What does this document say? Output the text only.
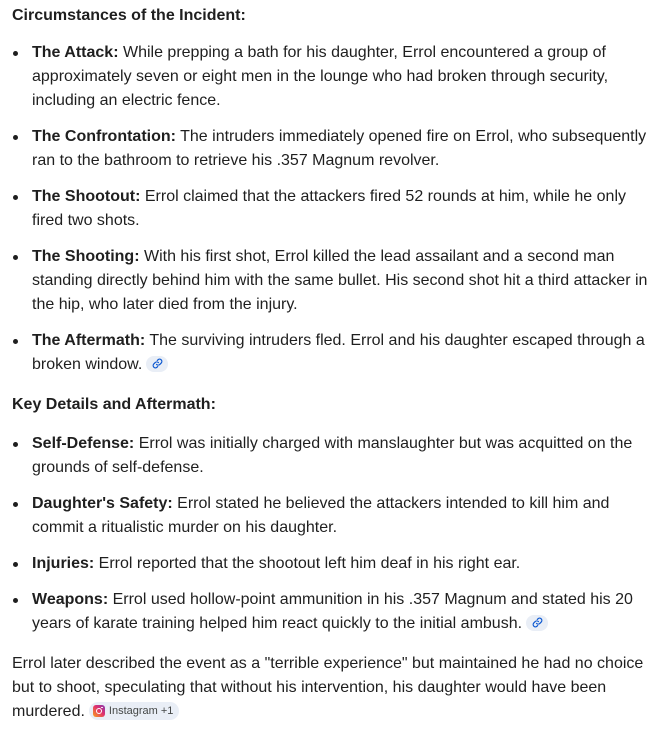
Circumstances of the Incident:

The Attack: While prepping a bath for his daughter, Errol encountered a group of approximately seven or eight men in the lounge who had broken through security, including an electric fence.
The Confrontation: The intruders immediately opened fire on Errol, who subsequently ran to the bathroom to retrieve his .357 Magnum revolver.
The Shootout: Errol claimed that the attackers fired 52 rounds at him, while he only fired two shots.
The Shooting: With his first shot, Errol killed the lead assailant and a second man standing directly behind him with the same bullet. His second shot hit a third attacker in the hip, who later died from the injury.
The Aftermath: The surviving intruders fled. Errol and his daughter escaped through a broken window.

Key Details and Aftermath:

Self-Defense: Errol was initially charged with manslaughter but was acquitted on the grounds of self-defense.
Daughter's Safety: Errol stated he believed the attackers intended to kill him and commit a ritualistic murder on his daughter.
Injuries: Errol reported that the shootout left him deaf in his right ear.
Weapons: Errol used hollow-point ammunition in his .357 Magnum and stated his 20 years of karate training helped him react quickly to the initial ambush.

Errol later described the event as a "terrible experience" but maintained he had no choice but to shoot, speculating that without his intervention, his daughter would have been murdered. Instagram +1
